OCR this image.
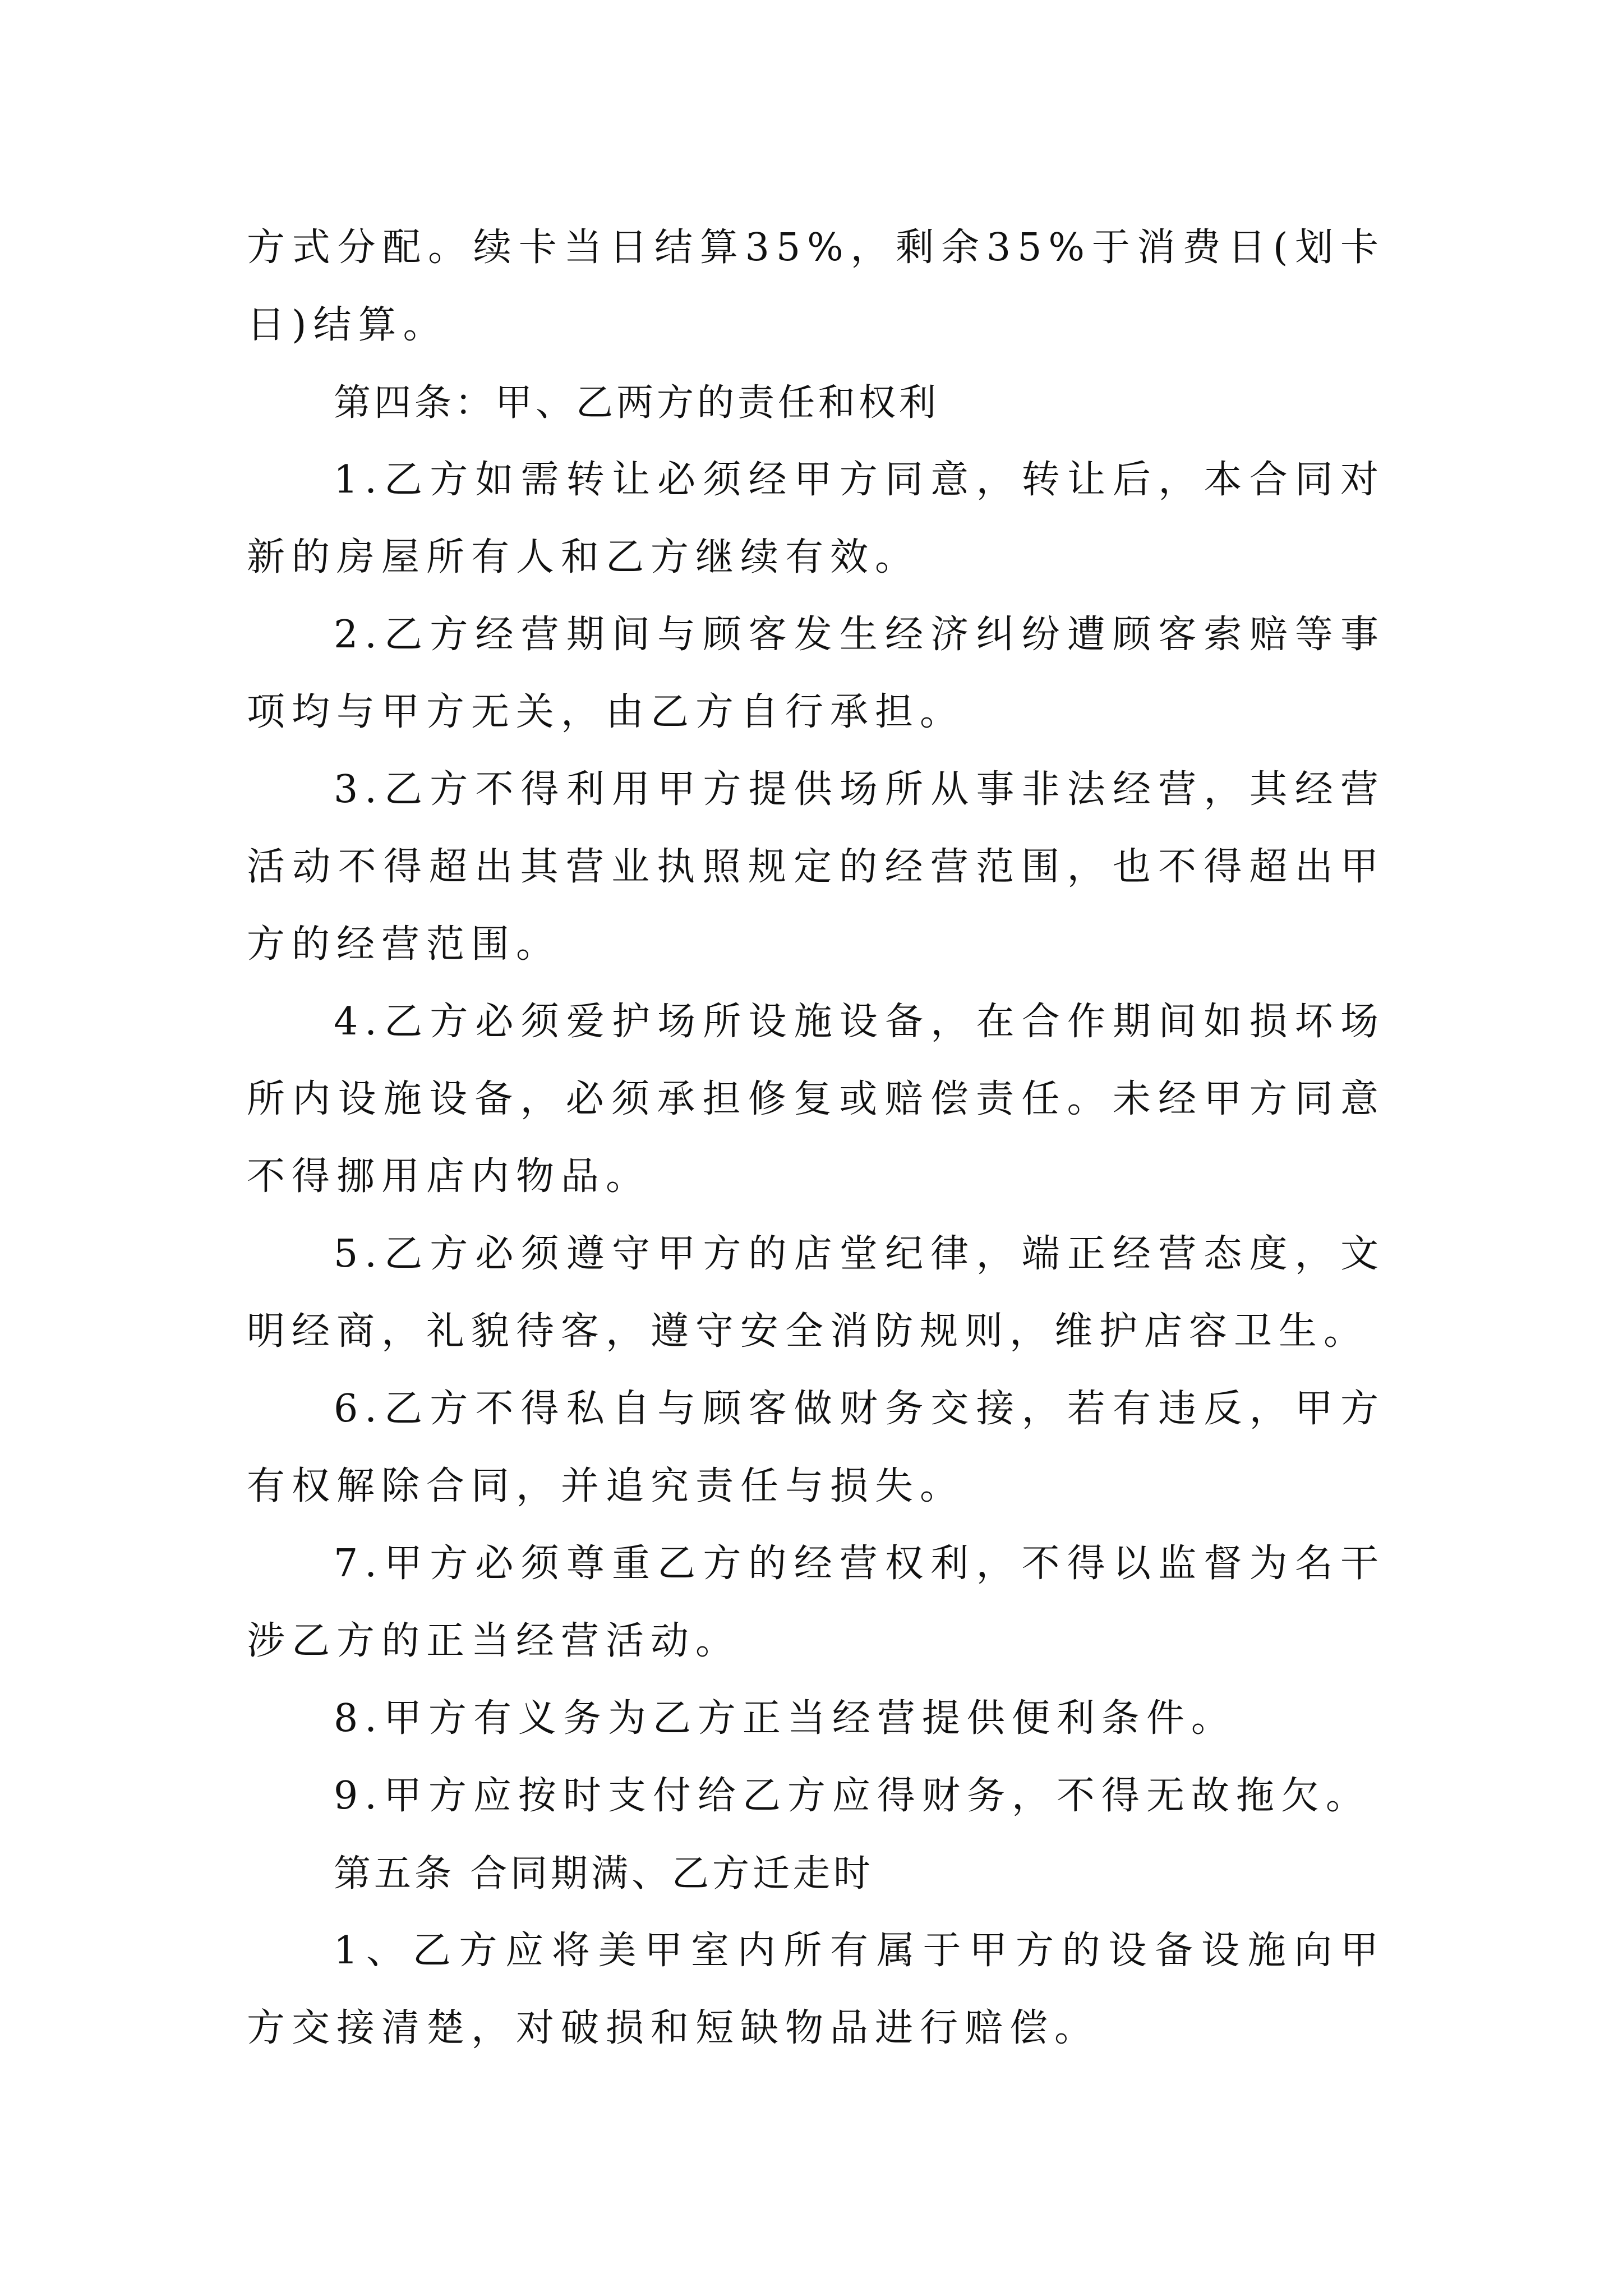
方式分配。续卡当日结算35%，剩余35%于消费日(划卡日)结算。

第四条：甲、乙两方的责任和权利

1.乙方如需转让必须经甲方同意，转让后，本合同对新的房屋所有人和乙方继续有效。

2.乙方经营期间与顾客发生经济纠纷遭顾客索赔等事项均与甲方无关，由乙方自行承担。

3.乙方不得利用甲方提供场所从事非法经营，其经营活动不得超出其营业执照规定的经营范围，也不得超出甲方的经营范围。

4.乙方必须爱护场所设施设备，在合作期间如损坏场所内设施设备，必须承担修复或赔偿责任。未经甲方同意不得挪用店内物品。

5.乙方必须遵守甲方的店堂纪律，端正经营态度，文明经商，礼貌待客，遵守安全消防规则，维护店容卫生。

6.乙方不得私自与顾客做财务交接，若有违反，甲方有权解除合同，并追究责任与损失。

7.甲方必须尊重乙方的经营权利，不得以监督为名干涉乙方的正当经营活动。

8.甲方有义务为乙方正当经营提供便利条件。

9.甲方应按时支付给乙方应得财务，不得无故拖欠。

第五条 合同期满、乙方迁走时

1、乙方应将美甲室内所有属于甲方的设备设施向甲方交接清楚，对破损和短缺物品进行赔偿。
